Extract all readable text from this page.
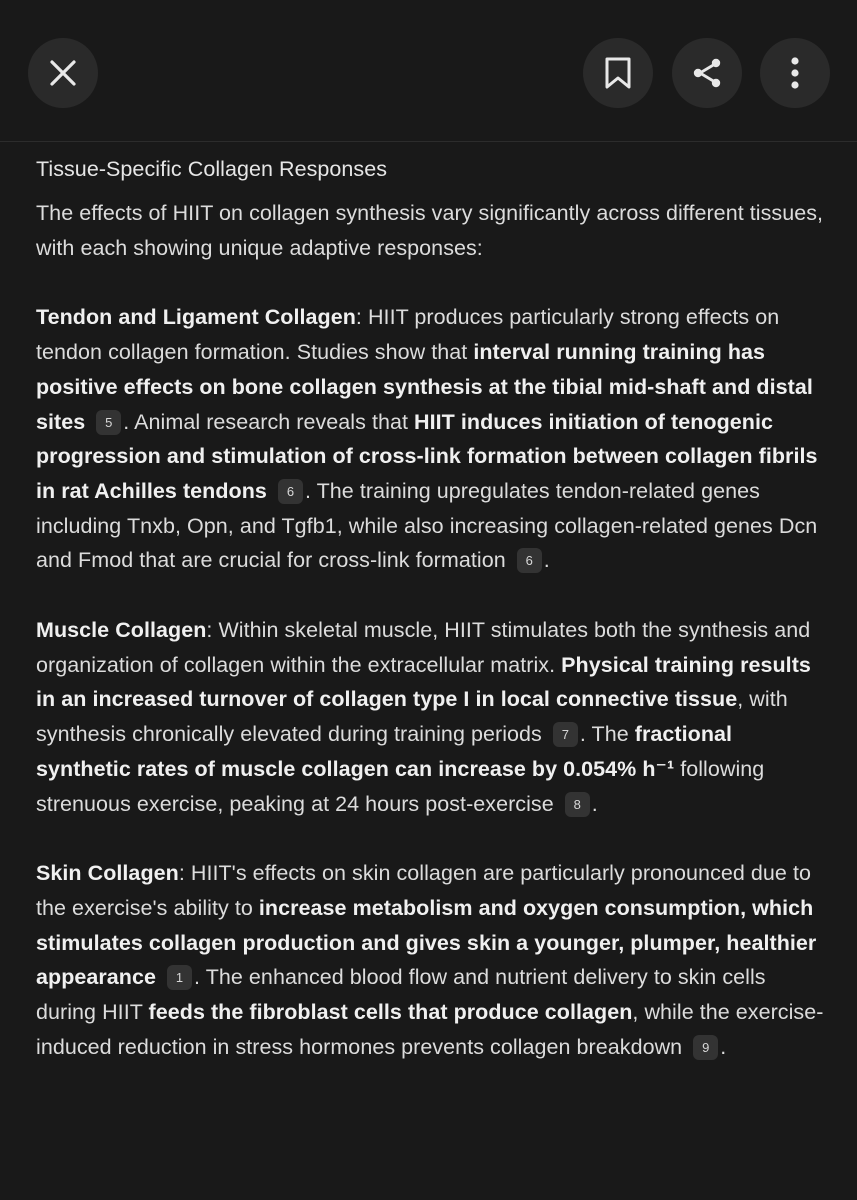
Tissue-Specific Collagen Responses

The effects of HIIT on collagen synthesis vary significantly across different tissues, with each showing unique adaptive responses:

Tendon and Ligament Collagen: HIIT produces particularly strong effects on tendon collagen formation. Studies show that interval running training has positive effects on bone collagen synthesis at the tibial mid-shaft and distal sites 5 . Animal research reveals that HIIT induces initiation of tenogenic progression and stimulation of cross-link formation between collagen fibrils in rat Achilles tendons 6 . The training upregulates tendon-related genes including Tnxb, Opn, and Tgfb1, while also increasing collagen-related genes Dcn and Fmod that are crucial for cross-link formation 6 .

Muscle Collagen: Within skeletal muscle, HIIT stimulates both the synthesis and organization of collagen within the extracellular matrix. Physical training results in an increased turnover of collagen type I in local connective tissue, with synthesis chronically elevated during training periods 7 . The fractional synthetic rates of muscle collagen can increase by 0.054% h⁻¹ following strenuous exercise, peaking at 24 hours post-exercise 8 .

Skin Collagen: HIIT's effects on skin collagen are particularly pronounced due to the exercise's ability to increase metabolism and oxygen consumption, which stimulates collagen production and gives skin a younger, plumper, healthier appearance 1 . The enhanced blood flow and nutrient delivery to skin cells during HIIT feeds the fibroblast cells that produce collagen, while the exercise-induced reduction in stress hormones prevents collagen breakdown 9 .
